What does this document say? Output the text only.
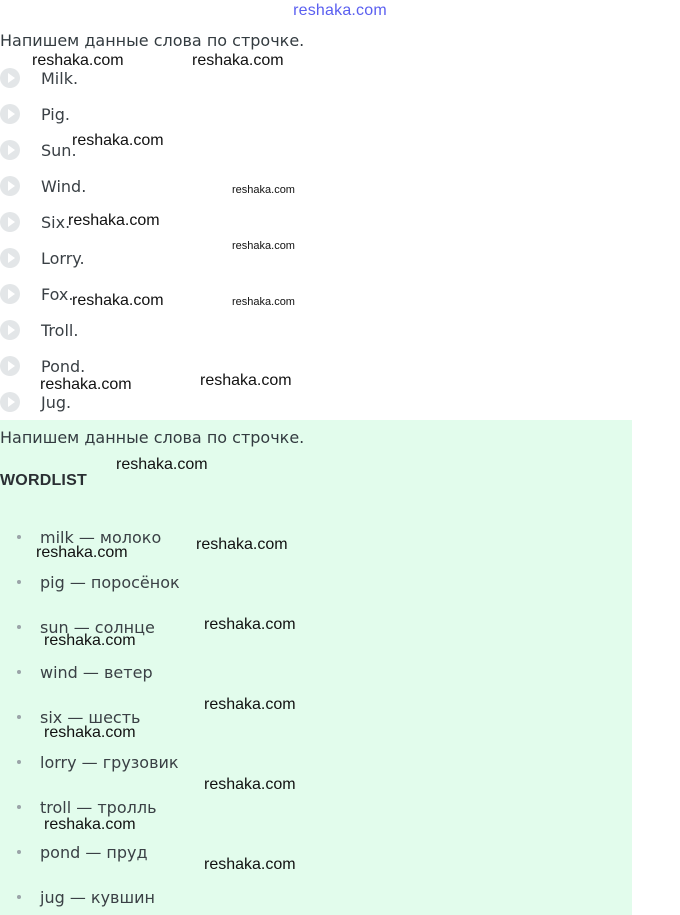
reshaka.com
Напишем данные слова по строчке.
Milk.
Pig.
Sun.
Wind.
Six.
Lorry.
Fox.
Troll.
Pond.
Jug.
Напишем данные слова по строчке.
WORDLIST
milk — молоко
pig — поросёнок
sun — солнце
wind — ветер
six — шесть
lorry — грузовик
troll — тролль
pond — пруд
jug — кувшин
reshaka.com	reshaka.com
reshaka.com
reshaka.com
reshaka.com
reshaka.com
reshaka.com	reshaka.com
reshaka.com
reshaka.com
reshaka.com
reshaka.com
reshaka.com
reshaka.com
reshaka.com
reshaka.com
reshaka.com
reshaka.com
reshaka.com
reshaka.com
